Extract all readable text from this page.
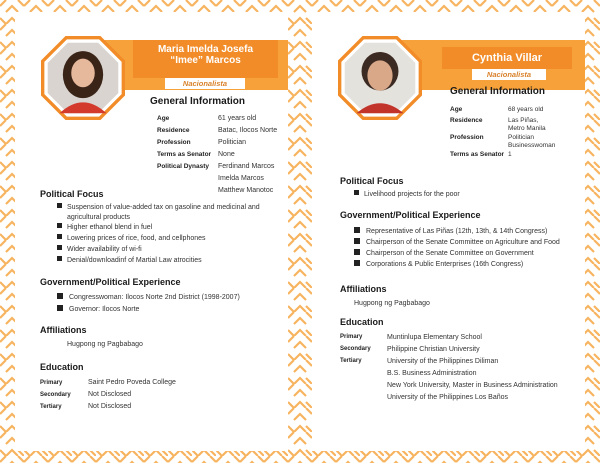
Maria Imelda Josefa
“Imee” Marcos
Nacionalista
General Information
Age	61 years old
Residence	Batac, Ilocos Norte
Profession	Politician
Terms as Senator None
Political Dynasty Ferdinand Marcos
Imelda Marcos
Matthew Manotoc
Political Focus
Suspension of value-added tax on gasoline and medicinal and
agricultural products
Higher ethanol blend in fuel
Lowering prices of rice, food, and cellphones
Wider availability of wi-fi
Denial/downloadinf of Martial Law atrocities
Government/Political Experience
Congresswoman: Ilocos Norte 2nd District (1998-2007)
Governor: Ilocos Norte
Affiliations
Hugpong ng Pagbabago
Education
Primary	Saint Pedro Poveda College
Secondary Not Disclosed
Tertiary	Not Disclosed
Cynthia Villar
Nacionalista
General Information
Age	68 years old
Residence	Las Piñas,
Metro Manila
Profession	Politician
Businesswoman
Terms as Senator 1
Political Focus
Livelihood projects for the poor
Government/Political Experience
Representative of Las Piñas (12th, 13th, & 14th Congress)
Chairperson of the Senate Committee on Agriculture and Food
Chairperson of the Senate Committee on Government
Corporations & Public Enterprises (16th Congress)
Affiliations
Hugpong ng Pagbabago
Education
Primary	Muntinlupa Elementary School
Secondary Philippine Christian University
Tertiary	University of the Philippines Diliman
B.S. Business Administration
New York University, Master in Business Administration
University of the Philippines Los Baños
